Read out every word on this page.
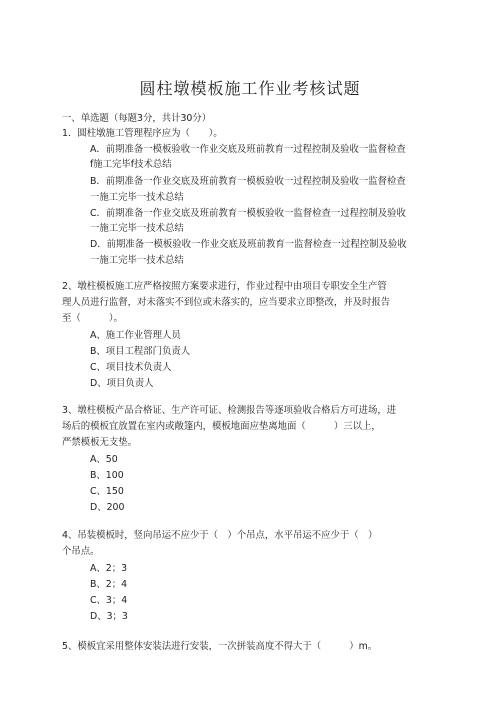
圆柱墩模板施工作业考核试题
一、单选题（每题3分，共计30分）
1．圆柱墩施工管理程序应为（　　）。
A．前期准备一模板验收一作业交底及班前教育一过程控制及验收一监督检查
f施工完毕f技术总结
B．前期准备一作业交底及班前教育一模板验收一过程控制及验收一监督检查
一施工完毕一技术总结
C．前期准备一作业交底及班前教育一模板验收一监督检查一过程控制及验收
一施工完毕一技术总结
D．前期准备一模板验收一作业交底及班前教育一监督检查一过程控制及验收
一施工完毕一技术总结
2、墩柱模板施工应严格按照方案要求进行，作业过程中由项目专职安全生产管
理人员进行监督，对未落实不到位或未落实的，应当要求立即整改，并及时报告
至（　　　）。
A、施工作业管理人员
B、项目工程部门负责人
C、项目技术负责人
D、项目负责人
3、墩柱模板产品合格证、生产许可证、检测报告等逐项验收合格后方可进场，进
场后的模板宜放置在室内或敞篷内，模板地面应垫离地面（　　　）三以上，
严禁模板无支垫。
A、50
B、100
C、150
D、200
4、吊装模板时，竖向吊运不应少于（　）个吊点，水平吊运不应少于（　）
个吊点。
A、2；3
B、2；4
C、3；4
D、3；3
5、模板宜采用整体安装法进行安装，一次拼装高度不得大于（　　　）m。
